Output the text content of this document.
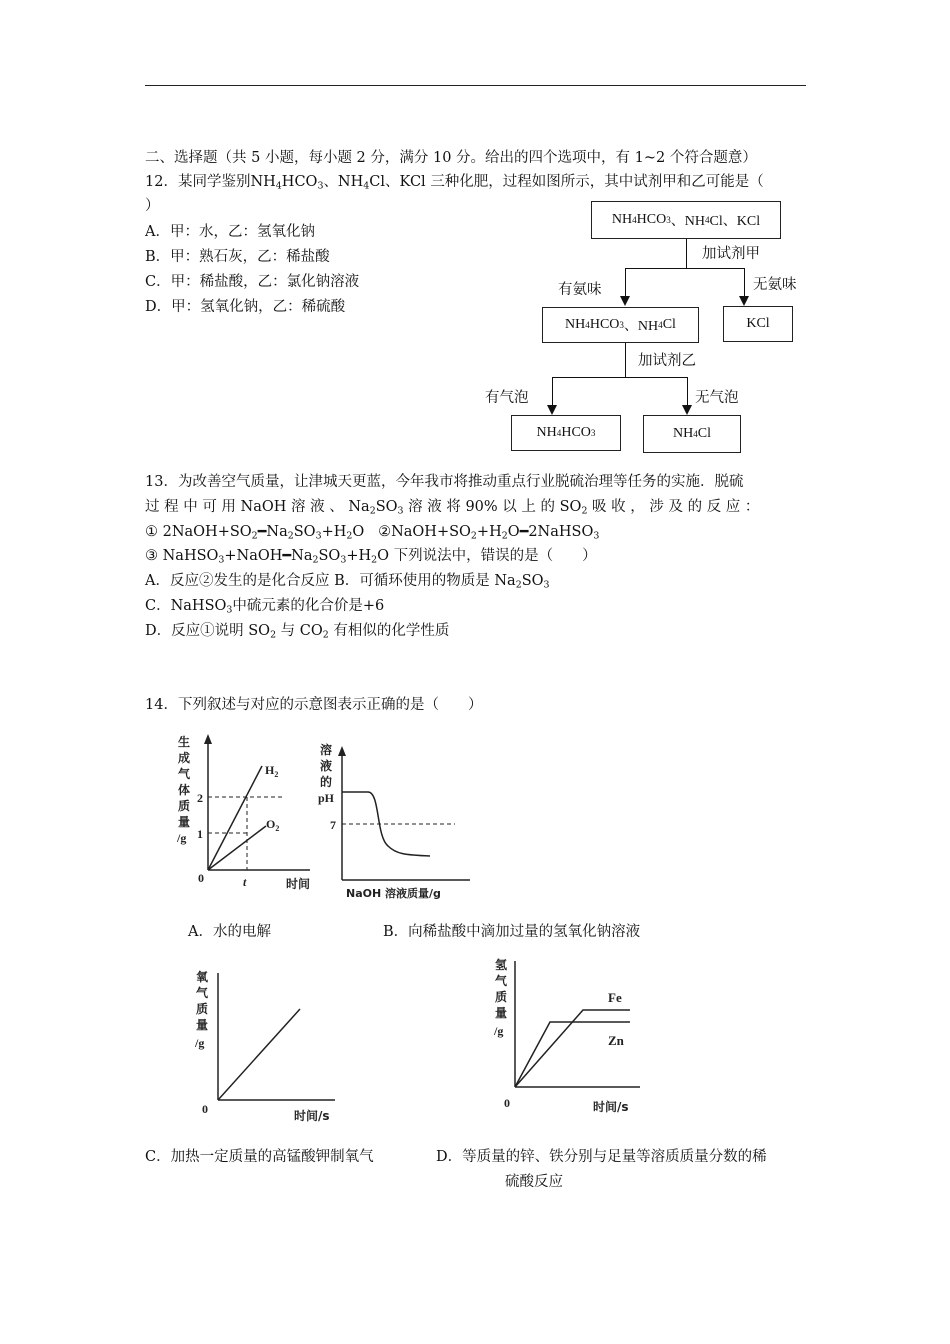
二、选择题（共 5 小题，每小题 2 分，满分 10 分。给出的四个选项中，有 1~2 个符合题意）
12．某同学鉴别$NH_4HCO_3$、$NH_4Cl$、KCl 三种化肥，过程如图所示，其中试剂甲和乙可能是（
）
A．甲：水，乙：氢氧化钠
B．甲：熟石灰，乙：稀盐酸
C．甲：稀盐酸，乙：氯化钠溶液
D．甲：氢氧化钠，乙：稀硫酸
NH 4 HCO 3 、NH 4 Cl、KCl
加试剂甲
有氨味	无氨味
NH 4 HCO 3 、NH 4 Cl	KCl
加试剂乙
有气泡	无气泡
NH 4 HCO 3	NH 4 Cl
13．为改善空气质量，让津城天更蓝，今年我市将推动重点行业脱硫治理等任务的实施．脱硫
过 程 中 可 用 NaOH 溶 液 、 $Na_2SO_3$ 溶 液 将 90% 以 上 的 $SO_2$ 吸 收 ， 涉 及 的 反 应 ：
① $2NaOH+SO_2━Na_2SO_3+H_2O$   $②NaOH+SO_2+H_2O━2NaHSO_3$
③ $NaHSO_3+NaOH━Na_2SO_3+H_2O$ 下列说法中，错误的是（　　）
A．反应②发生的是化合反应 B．可循环使用的物质是 $Na_2SO_3$
C．NaHSO$_3$中硫元素的化合价是+6
D．反应①说明 $SO_2$ 与 $CO_2$ 有相似的化学性质
14．下列叙述与对应的示意图表示正确的是（　　）
生
成
气
体
质
量
/g
2
1
0	t	时间
$H_2$
$O_2$
溶
液
的
pH
7
NaOH 溶液质量/g
A．水的电解	B．向稀盐酸中滴加过量的氢氧化钠溶液
氧
气
质
量
/g
0	时间/s
氢
气
质
量
/g
Fe
Zn
0	时间/s
C．加热一定质量的高锰酸钾制氧气	D．等质量的锌、铁分别与足量等溶质质量分数的稀
硫酸反应
